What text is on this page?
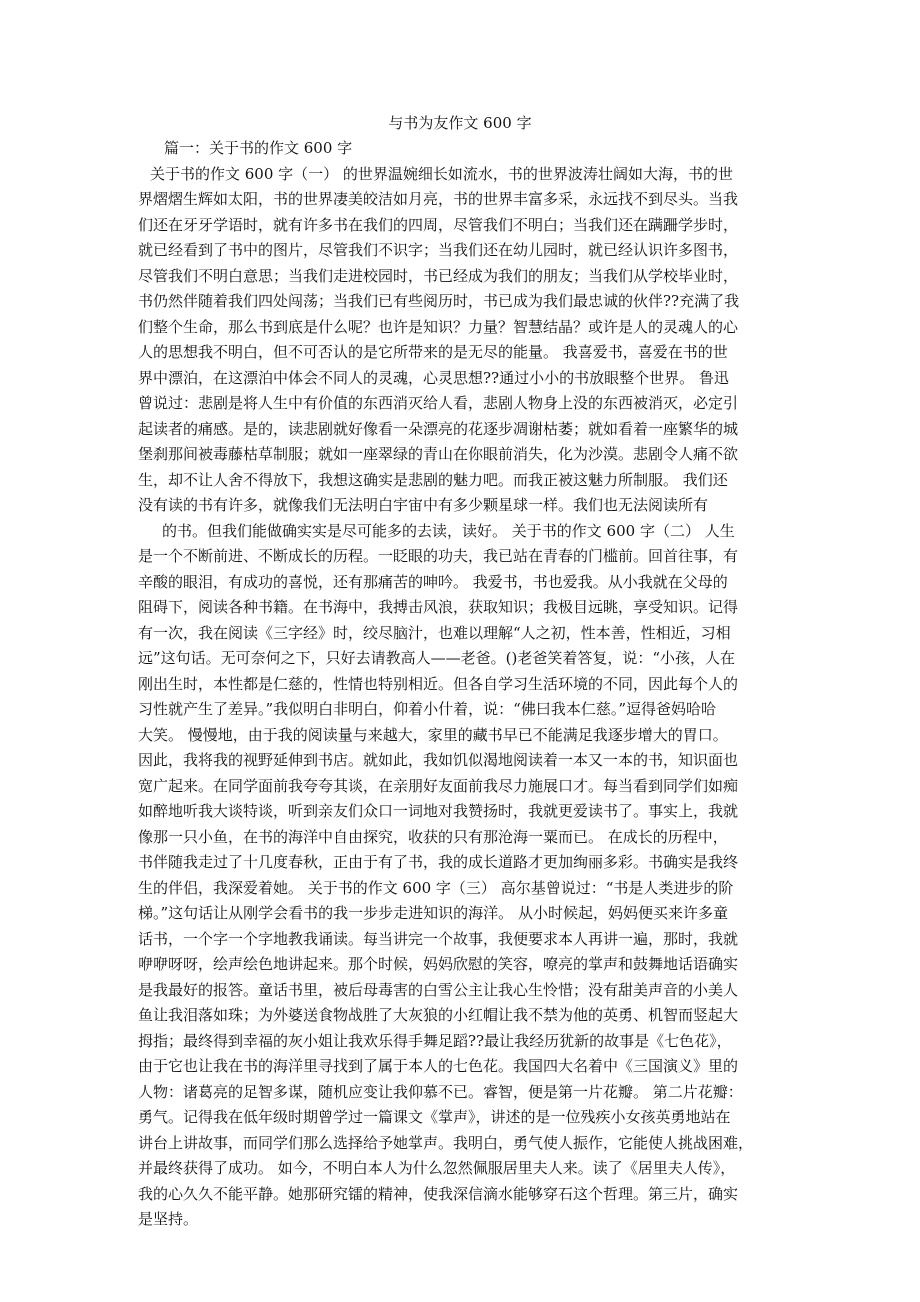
与书为友作文 600 字
篇一：关于书的作文 600 字
关于书的作文 600 字（一） 的世界温婉细长如流水，书的世界波涛壮阔如大海，书的世
界熠熠生辉如太阳，书的世界凄美皎洁如月亮，书的世界丰富多采，永远找不到尽头。当我
们还在牙牙学语时，就有许多书在我们的四周，尽管我们不明白；当我们还在蹒跚学步时，
就已经看到了书中的图片，尽管我们不识字；当我们还在幼儿园时，就已经认识许多图书，
尽管我们不明白意思；当我们走进校园时，书已经成为我们的朋友；当我们从学校毕业时，
书仍然伴随着我们四处闯荡；当我们已有些阅历时，书已成为我们最忠诚的伙伴??充满了我
们整个生命，那么书到底是什么呢？也许是知识？力量？智慧结晶？或许是人的灵魂人的心
人的思想我不明白，但不可否认的是它所带来的是无尽的能量。 我喜爱书，喜爱在书的世
界中漂泊，在这漂泊中体会不同人的灵魂，心灵思想??通过小小的书放眼整个世界。 鲁迅
曾说过：悲剧是将人生中有价值的东西消灭给人看，悲剧人物身上没的东西被消灭，必定引
起读者的痛感。是的，读悲剧就好像看一朵漂亮的花逐步凋谢枯萎；就如看着一座繁华的城
堡刹那间被毒藤枯草制服；就如一座翠绿的青山在你眼前消失，化为沙漠。悲剧令人痛不欲
生，却不让人舍不得放下，我想这确实是悲剧的魅力吧。而我正被这魅力所制服。 我们还
没有读的书有许多，就像我们无法明白宇宙中有多少颗星球一样。我们也无法阅读所有
的书。但我们能做确实实是尽可能多的去读，读好。 关于书的作文 600 字（二） 人生
是一个不断前进、不断成长的历程。一眨眼的功夫，我已站在青春的门槛前。回首往事，有
辛酸的眼泪，有成功的喜悦，还有那痛苦的呻吟。 我爱书，书也爱我。从小我就在父母的
阻碍下，阅读各种书籍。在书海中，我搏击风浪，获取知识；我极目远眺，享受知识。记得
有一次，我在阅读《三字经》时，绞尽脑汁，也难以理解“人之初，性本善，性相近，习相
远”这句话。无可奈何之下，只好去请教高人——老爸。()老爸笑着答复，说：“小孩，人在
刚出生时，本性都是仁慈的，性情也特别相近。但各自学习生活环境的不同，因此每个人的
习性就产生了差异。”我似明白非明白，仰着小什着，说：“佛曰我本仁慈。”逗得爸妈哈哈
大笑。 慢慢地，由于我的阅读量与来越大，家里的藏书早已不能满足我逐步增大的胃口。
因此，我将我的视野延伸到书店。就如此，我如饥似渴地阅读着一本又一本的书，知识面也
宽广起来。在同学面前我夸夸其谈，在亲朋好友面前我尽力施展口才。每当看到同学们如痴
如醉地听我大谈特谈，听到亲友们众口一词地对我赞扬时，我就更爱读书了。事实上，我就
像那一只小鱼，在书的海洋中自由探究，收获的只有那沧海一粟而已。 在成长的历程中，
书伴随我走过了十几度春秋，正由于有了书，我的成长道路才更加绚丽多彩。书确实是我终
生的伴侣，我深爱着她。 关于书的作文 600 字（三） 高尔基曾说过：“书是人类进步的阶
梯。”这句话让从刚学会看书的我一步步走进知识的海洋。 从小时候起，妈妈便买来许多童
话书，一个字一个字地教我诵读。每当讲完一个故事，我便要求本人再讲一遍，那时，我就
咿咿呀呀，绘声绘色地讲起来。那个时候，妈妈欣慰的笑容，嘹亮的掌声和鼓舞地话语确实
是我最好的报答。童话书里，被后母毒害的白雪公主让我心生怜惜；没有甜美声音的小美人
鱼让我泪落如珠；为外婆送食物战胜了大灰狼的小红帽让我不禁为他的英勇、机智而竖起大
拇指；最终得到幸福的灰小姐让我欢乐得手舞足蹈??最让我经历犹新的故事是《七色花》，
由于它也让我在书的海洋里寻找到了属于本人的七色花。我国四大名着中《三国演义》里的
人物：诸葛亮的足智多谋，随机应变让我仰慕不已。睿智，便是第一片花瓣。 第二片花瓣：
勇气。记得我在低年级时期曾学过一篇课文《掌声》，讲述的是一位残疾小女孩英勇地站在
讲台上讲故事，而同学们那么选择给予她掌声。我明白，勇气使人振作，它能使人挑战困难，
并最终获得了成功。 如今，不明白本人为什么忽然佩服居里夫人来。读了《居里夫人传》，
我的心久久不能平静。她那研究镭的精神，使我深信滴水能够穿石这个哲理。第三片，确实
是坚持。
